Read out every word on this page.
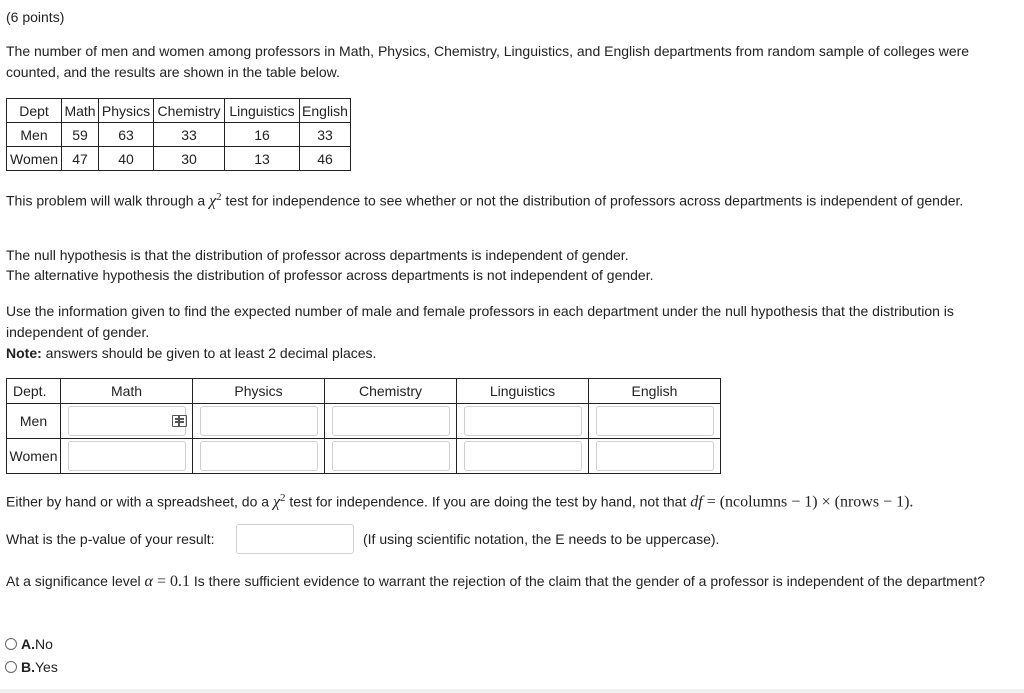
(6 points)

The number of men and women among professors in Math, Physics, Chemistry, Linguistics, and English departments from random sample of colleges were counted, and the results are shown in the table below.

Dept	Math	Physics	Chemistry	Linguistics	English
Men	59	63	33	16	33
Women	47	40	30	13	46

This problem will walk through a $\chi^2$ test for independence to see whether or not the distribution of professors across departments is independent of gender.

The null hypothesis is that the distribution of professor across departments is independent of gender.

The alternative hypothesis the distribution of professor across departments is not independent of gender.

Use the information given to find the expected number of male and female professors in each department under the null hypothesis that the distribution is independent of gender.

Note: answers should be given to at least 2 decimal places.

Dept.	Math	Physics	Chemistry	Linguistics	English
Men	

Women	

Either by hand or with a spreadsheet, do a $\chi^2$ test for independence. If you are doing the test by hand, not that df = (ncolumns − 1) × (nrows − 1).

What is the p-value of your result:	(If using scientific notation, the E needs to be uppercase).

At a significance level α = 0.1 Is there sufficient evidence to warrant the rejection of the claim that the gender of a professor is independent of the department?

A. No
B. Yes
